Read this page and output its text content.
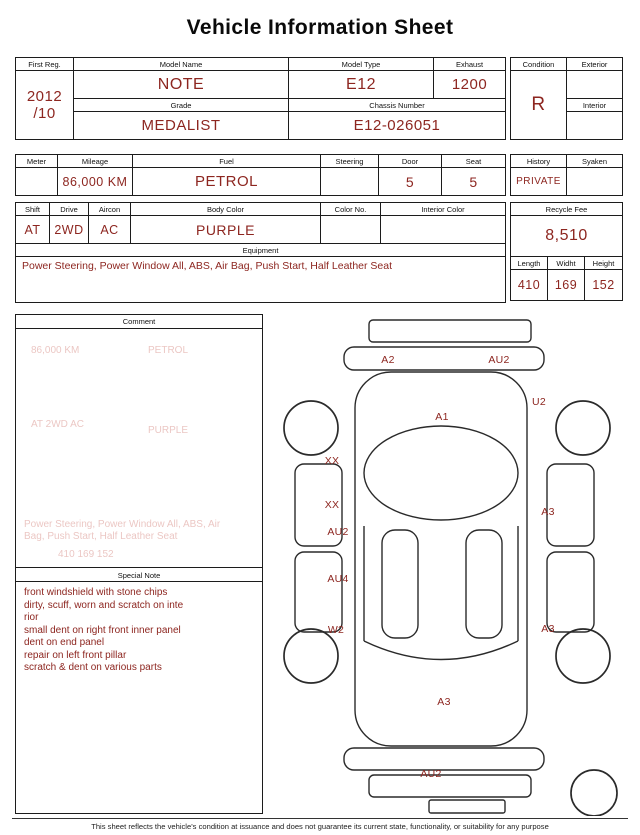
Vehicle Information Sheet
First Reg.	Model Name	Model Type	Exhaust

2012
/10	NOTE	E12	1200
	Grade	Chassis Number	
	MEDALIST	E12-026051	
Condition	Exterior
R	
	Interior

Meter	Mileage	Fuel	Steering	Door	Seat
	86,000 KM	PETROL		5	5
History	Syaken
PRIVATE	
Shift	Drive	Aircon	Body Color	Color No.	Interior Color
AT	2WD	AC	PURPLE		
Equipment					
Power Steering, Power Window All, ABS, Air Bag, Push Start, Half Leather Seat					
Recycle Fee		
8,510		
Length	Widht	Height
410	169	152
Comment
86,000 KM	PETROL
AT 2WD AC
PURPLE
Power Steering, Power Window All, ABS, Air
Bag, Push Start, Half Leather Seat
410 169 152
Special Note
front windshield with stone chips
dirty, scuff, worn and scratch on inte
rior
small dent on right front inner panel
dent on end panel
repair on left front pillar
scratch & dent on various parts
A2	AU2
A1
U2
XX
XX
AU2
A3
AU4
W2	A3
A3
AU2
This sheet reflects the vehicle's condition at issuance and does not guarantee its current state, functionality, or suitability for any purpose
